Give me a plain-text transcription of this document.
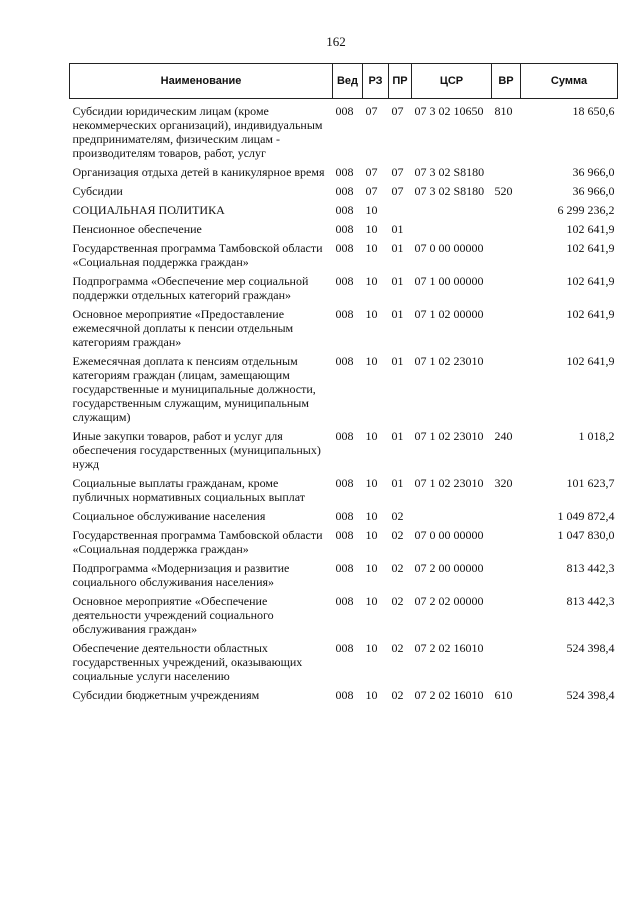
162
Наименование	Вед	РЗ	ПР	ЦСР	ВР	Сумма
Субсидии юридическим лицам (кроме некоммерческих организаций), индивидуальным предпринимателям, физическим лицам - производителям товаров, работ, услуг	008	07	07	07 3 02 10650	810	18 650,6
Организация отдыха детей в каникулярное время	008	07	07	07 3 02 S8180		36 966,0
Субсидии	008	07	07	07 3 02 S8180	520	36 966,0
СОЦИАЛЬНАЯ ПОЛИТИКА	008	10				6 299 236,2
Пенсионное обеспечение	008	10	01			102 641,9
Государственная программа Тамбовской области «Социальная поддержка граждан»	008	10	01	07 0 00 00000		102 641,9
Подпрограмма «Обеспечение мер социальной поддержки отдельных категорий граждан»	008	10	01	07 1 00 00000		102 641,9
Основное мероприятие «Предоставление ежемесячной доплаты к пенсии отдельным категориям граждан»	008	10	01	07 1 02 00000		102 641,9
Ежемесячная доплата к пенсиям отдельным категориям граждан (лицам, замещающим государственные и муниципальные должности, государственным служащим, муниципальным служащим)	008	10	01	07 1 02 23010		102 641,9
Иные закупки товаров, работ и услуг для обеспечения государственных (муниципальных) нужд	008	10	01	07 1 02 23010	240	1 018,2
Социальные выплаты гражданам, кроме публичных нормативных социальных выплат	008	10	01	07 1 02 23010	320	101 623,7
Социальное обслуживание населения	008	10	02			1 049 872,4
Государственная программа Тамбовской области «Социальная поддержка граждан»	008	10	02	07 0 00 00000		1 047 830,0
Подпрограмма «Модернизация и развитие социального обслуживания населения»	008	10	02	07 2 00 00000		813 442,3
Основное мероприятие «Обеспечение деятельности учреждений социального обслуживания граждан»	008	10	02	07 2 02 00000		813 442,3
Обеспечение деятельности областных государственных учреждений, оказывающих социальные услуги населению	008	10	02	07 2 02 16010		524 398,4
Субсидии бюджетным учреждениям	008	10	02	07 2 02 16010	610	524 398,4
